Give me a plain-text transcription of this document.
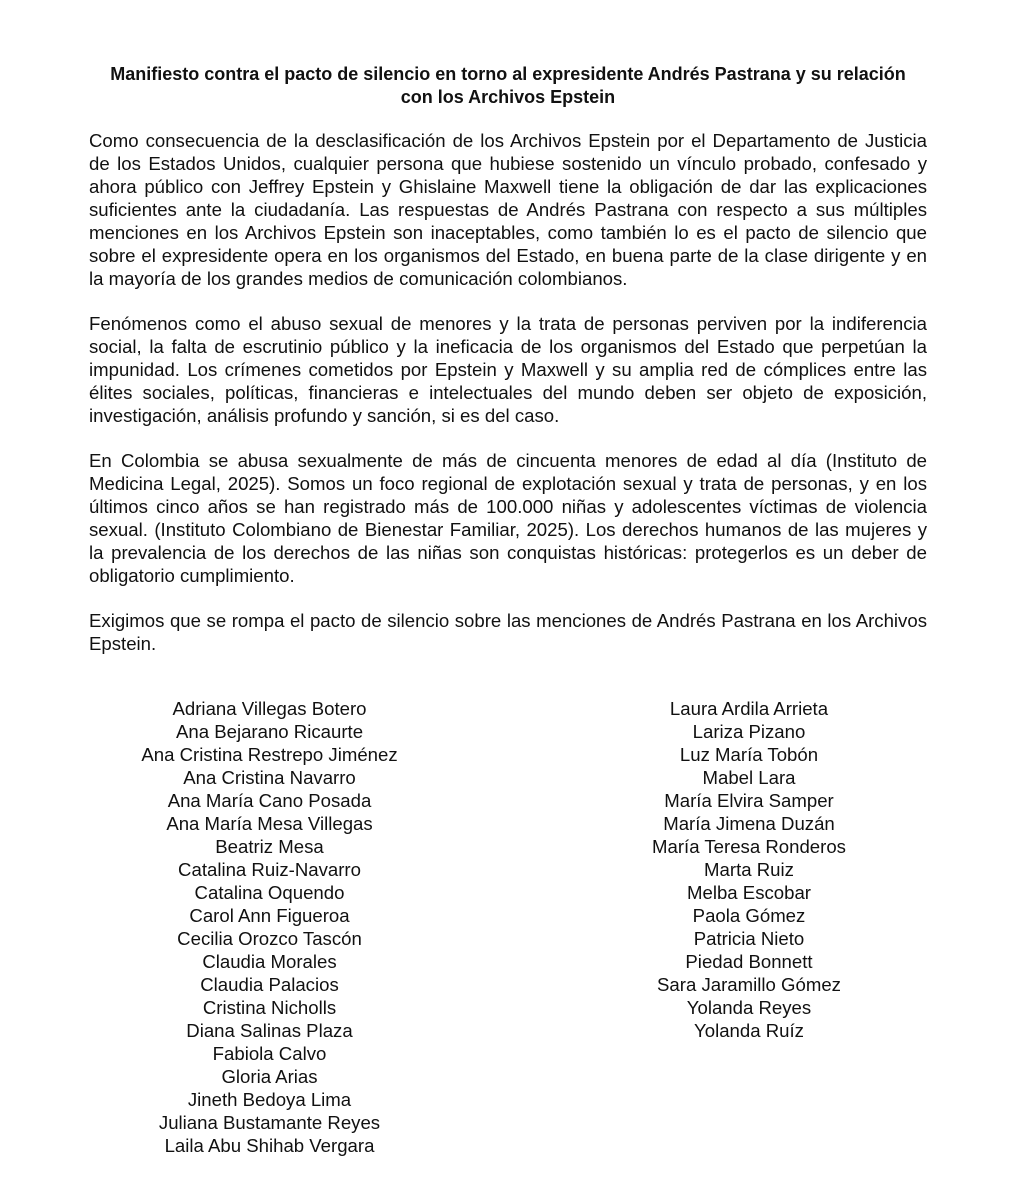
Manifiesto contra el pacto de silencio en torno al expresidente Andrés Pastrana y su relación con los Archivos Epstein

Como consecuencia de la desclasificación de los Archivos Epstein por el Departamento de Justicia de los Estados Unidos, cualquier persona que hubiese sostenido un vínculo probado, confesado y ahora público con Jeffrey Epstein y Ghislaine Maxwell tiene la obligación de dar las explicaciones suficientes ante la ciudadanía. Las respuestas de Andrés Pastrana con respecto a sus múltiples menciones en los Archivos Epstein son inaceptables, como también lo es el pacto de silencio que sobre el expresidente opera en los organismos del Estado, en buena parte de la clase dirigente y en la mayoría de los grandes medios de comunicación colombianos.

Fenómenos como el abuso sexual de menores y la trata de personas perviven por la indiferencia social, la falta de escrutinio público y la ineficacia de los organismos del Estado que perpetúan la impunidad. Los crímenes cometidos por Epstein y Maxwell y su amplia red de cómplices entre las élites sociales, políticas, financieras e intelectuales del mundo deben ser objeto de exposición, investigación, análisis profundo y sanción, si es del caso.

En Colombia se abusa sexualmente de más de cincuenta menores de edad al día (Instituto de Medicina Legal, 2025). Somos un foco regional de explotación sexual y trata de personas, y en los últimos cinco años se han registrado más de 100.000 niñas y adolescentes víctimas de violencia sexual. (Instituto Colombiano de Bienestar Familiar, 2025). Los derechos humanos de las mujeres y la prevalencia de los derechos de las niñas son conquistas históricas: protegerlos es un deber de obligatorio cumplimiento.

Exigimos que se rompa el pacto de silencio sobre las menciones de Andrés Pastrana en los Archivos Epstein.

Adriana Villegas Botero
Ana Bejarano Ricaurte
Ana Cristina Restrepo Jiménez
Ana Cristina Navarro
Ana María Cano Posada
Ana María Mesa Villegas
Beatriz Mesa
Catalina Ruiz-Navarro
Catalina Oquendo
Carol Ann Figueroa
Cecilia Orozco Tascón
Claudia Morales
Claudia Palacios
Cristina Nicholls
Diana Salinas Plaza
Fabiola Calvo
Gloria Arias
Jineth Bedoya Lima
Juliana Bustamante Reyes
Laila Abu Shihab Vergara
Laura Ardila Arrieta
Lariza Pizano
Luz María Tobón
Mabel Lara
María Elvira Samper
María Jimena Duzán
María Teresa Ronderos
Marta Ruiz
Melba Escobar
Paola Gómez
Patricia Nieto
Piedad Bonnett
Sara Jaramillo Gómez
Yolanda Reyes
Yolanda Ruíz
